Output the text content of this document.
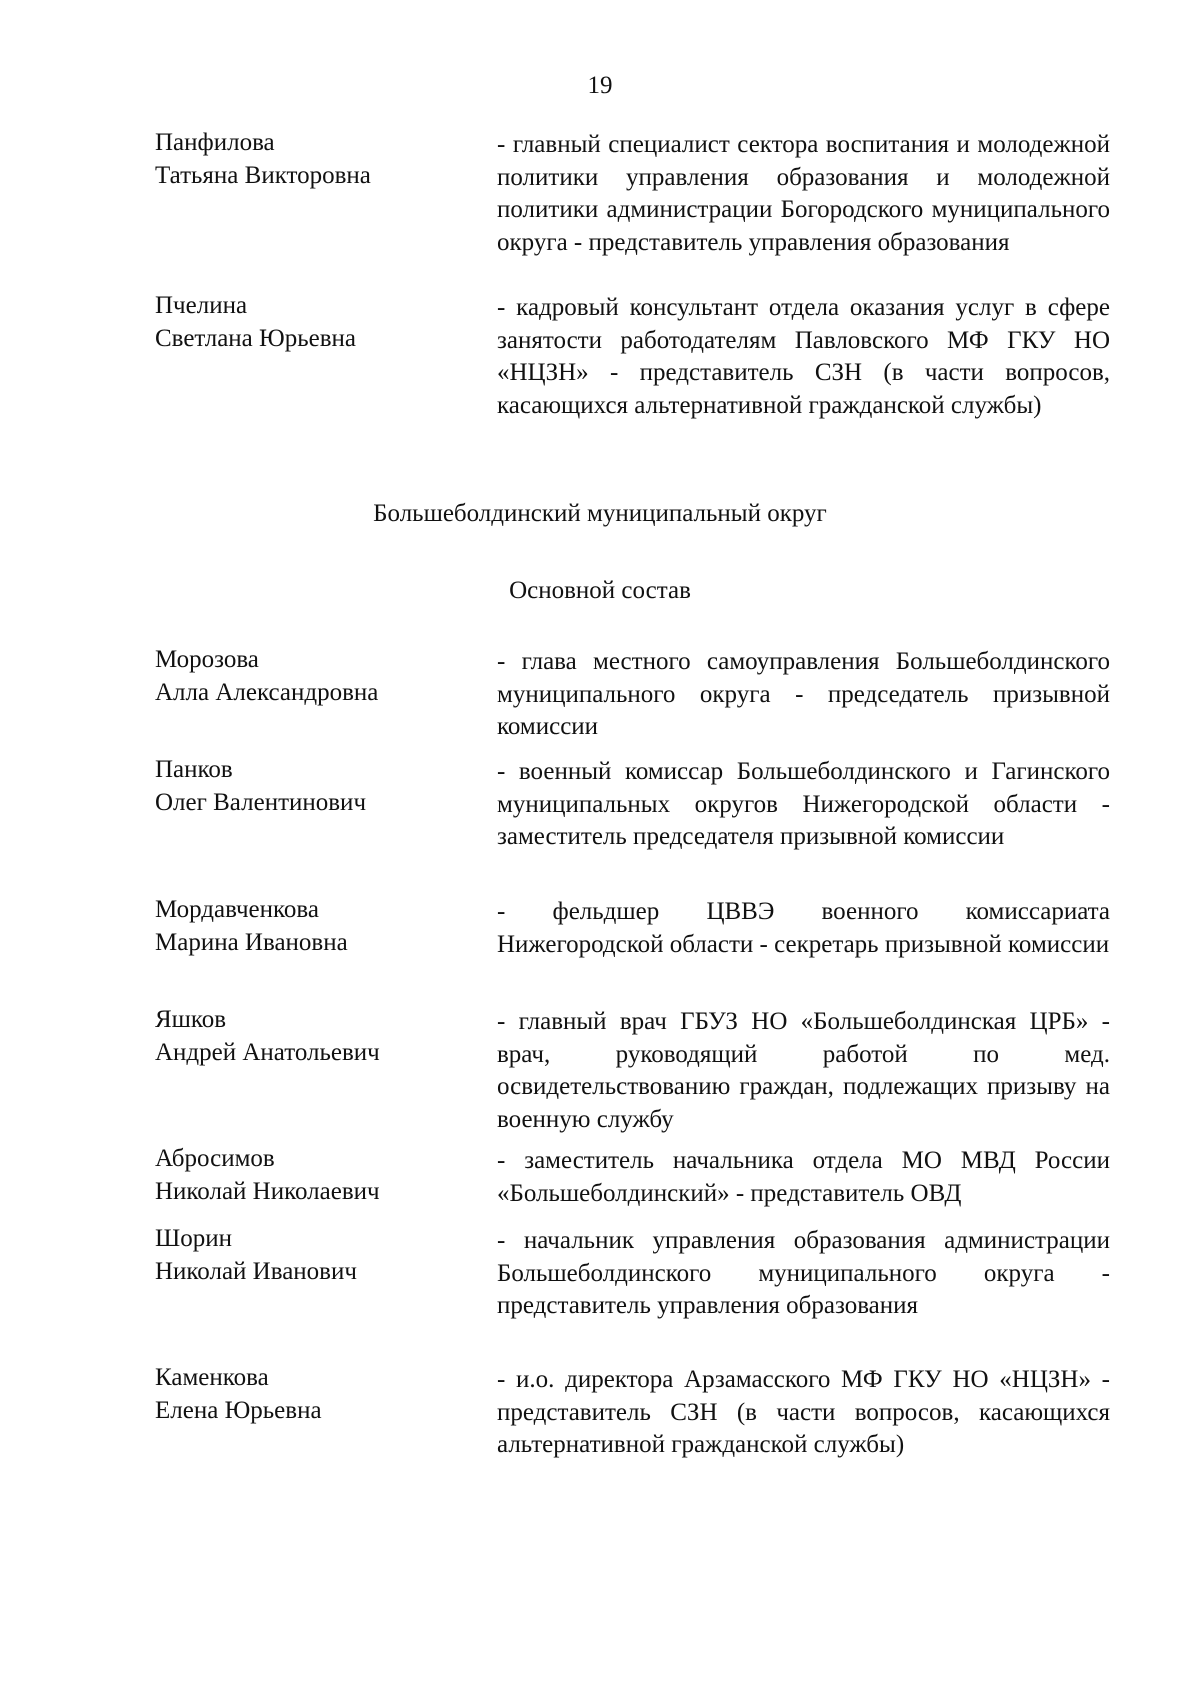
19
Панфилова
Татьяна Викторовна
- главный специалист сектора воспитания и молодежной политики управления образования и молодежной политики администрации Богородского муниципального округа - представитель управления образования
Пчелина
Светлана Юрьевна
- кадровый консультант отдела оказания услуг в сфере занятости работодателям Павловского МФ ГКУ НО «НЦЗН» - представитель СЗН (в части вопросов, касающихся альтернативной гражданской службы)
Большеболдинский муниципальный округ
Основной состав
Морозова
Алла Александровна
- глава местного самоуправления Большеболдинского муниципального округа - председатель призывной комиссии
Панков
Олег Валентинович
- военный комиссар Большеболдинского и Гагинского муниципальных округов Нижегородской области - заместитель председателя призывной комиссии
Мордавченкова
Марина Ивановна
- фельдшер ЦВВЭ военного комиссариата Нижегородской области - секретарь призывной комиссии
Яшков
Андрей Анатольевич
- главный врач ГБУЗ НО «Большеболдинская ЦРБ» - врач, руководящий работой по мед. освидетельствованию граждан, подлежащих призыву на военную службу
Абросимов
Николай Николаевич
- заместитель начальника отдела МО МВД России «Большеболдинский» - представитель ОВД
Шорин
Николай Иванович
- начальник управления образования администрации Большеболдинского муниципального округа - представитель управления образования
Каменкова
Елена Юрьевна
- и.о. директора Арзамасского МФ ГКУ НО «НЦЗН» - представитель СЗН (в части вопросов, касающихся альтернативной гражданской службы)
